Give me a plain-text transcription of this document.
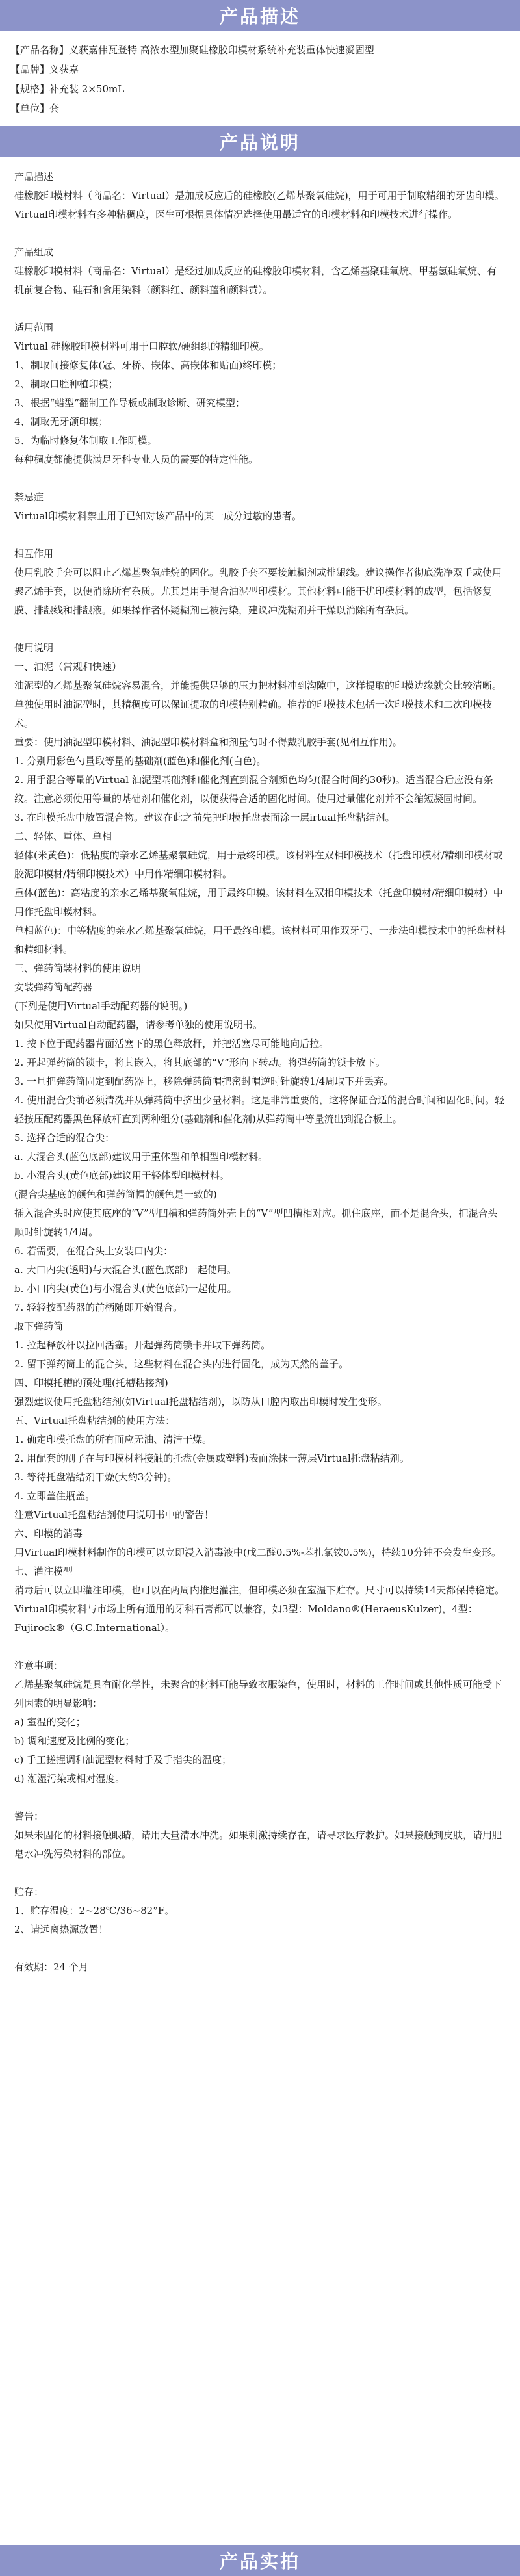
产品描述
【产品名称】义获嘉伟瓦登特 高浓水型加聚硅橡胶印模材系统补充装重体快速凝固型
【品牌】义获嘉
【规格】补充装 2×50mL
【单位】套
产品说明

产品描述

硅橡胶印模材料（商品名：Virtual）是加成反应后的硅橡胶(乙烯基聚氧硅烷)，用于可用于制取精细的牙齿印模。Virtual印模材料有多种粘稠度，医生可根据具体情况选择使用最适宜的印模材料和印模技术进行操作。

产品组成

硅橡胶印模材料（商品名：Virtual）是经过加成反应的硅橡胶印模材料，含乙烯基聚硅氧烷、甲基氢硅氧烷、有机前复合物、硅石和食用染料（颜料红、颜料蓝和颜料黄）。

适用范围

Virtual 硅橡胶印模材料可用于口腔软/硬组织的精细印模。

1、制取间接修复体(冠、牙桥、嵌体、高嵌体和贴面)终印模；

2、制取口腔种植印模；

3、根据“蜡型”翻制工作导板或制取诊断、研究模型；

4、制取无牙颌印模；

5、为临时修复体制取工作阴模。

每种稠度都能提供满足牙科专业人员的需要的特定性能。

禁忌症

Virtual印模材料禁止用于已知对该产品中的某一成分过敏的患者。

相互作用

使用乳胶手套可以阻止乙烯基聚氧硅烷的固化。乳胶手套不要接触糊剂或排龈线。建议操作者彻底洗净双手或使用聚乙烯手套，以便消除所有杂质。尤其是用手混合油泥型印模材。其他材料可能干扰印模材料的成型，包括修复膜、排龈线和排龈液。如果操作者怀疑糊剂已被污染，建议冲洗糊剂并干燥以消除所有杂质。

使用说明

一、油泥（常规和快速）

油泥型的乙烯基聚氧硅烷容易混合，并能提供足够的压力把材料冲到沟隙中，这样提取的印模边缘就会比较清晰。单独使用时油泥型时，其精稠度可以保证提取的印模特别精确。推荐的印模技术包括一次印模技术和二次印模技术。

重要：使用油泥型印模材料、油泥型印模材料盒和剂量勺时不得戴乳胶手套(见相互作用)。

1. 分别用彩色勺量取等量的基础剂(蓝色)和催化剂(白色)。

2. 用手混合等量的Virtual 油泥型基础剂和催化剂直到混合剂颜色均匀(混合时间约30秒)。适当混合后应没有条纹。注意必须使用等量的基础剂和催化剂，以便获得合适的固化时间。使用过量催化剂并不会缩短凝固时间。

3. 在印模托盘中放置混合物。建议在此之前先把印模托盘表面涂一层irtual托盘粘结剂。

二、轻体、重体、单相

轻体(米黄色)：低粘度的亲水乙烯基聚氧硅烷，用于最终印模。该材料在双相印模技术（托盘印模材/精细印模材或胶泥印模材/精细印模技术）中用作精细印模材料。

重体(蓝色)：高粘度的亲水乙烯基聚氧硅烷，用于最终印模。该材料在双相印模技术（托盘印模材/精细印模材）中用作托盘印模材料。

单相蓝色)：中等粘度的亲水乙烯基聚氧硅烷，用于最终印模。该材料可用作双牙弓、一步法印模技术中的托盘材料和精细材料。

三、弹药筒装材料的使用说明

安装弹药筒配药器

(下列是使用Virtual手动配药器的说明。)

如果使用Virtual自动配药器，请参考单独的使用说明书。

1. 按下位于配药器背面活塞下的黑色释放杆，并把活塞尽可能地向后拉。

2. 开起弹药筒的锁卡，将其嵌入，将其底部的“V”形向下转动。将弹药筒的锁卡放下。

3. 一旦把弹药筒固定到配药器上，移除弹药筒帽把密封帽逆时针旋转1/4周取下并丢弃。

4. 使用混合尖前必须清洗并从弹药筒中挤出少量材料。这是非常重要的，这将保证合适的混合时间和固化时间。轻轻按压配药器黑色释放杆直到两种组分(基础剂和催化剂)从弹药筒中等量流出到混合板上。

5. 选择合适的混合尖：

a. 大混合头(蓝色底部)建议用于重体型和单相型印模材料。

b. 小混合头(黄色底部)建议用于轻体型印模材料。

(混合尖基底的颜色和弹药筒帽的颜色是一致的)

插入混合头时应使其底座的“V”型凹槽和弹药筒外壳上的“V”型凹槽相对应。抓住底座，而不是混合头，把混合头顺时针旋转1/4周。

6. 若需要，在混合头上安装口内尖：

a. 大口内尖(透明)与大混合头(蓝色底部)一起使用。

b. 小口内尖(黄色)与小混合头(黄色底部)一起使用。

7. 轻轻按配药器的前柄随即开始混合。

取下弹药筒

1. 拉起释放杆以拉回活塞。开起弹药筒锁卡并取下弹药筒。

2. 留下弹药筒上的混合头，这些材料在混合头内进行固化，成为天然的盖子。

四、印模托槽的预处理(托槽粘接剂)

强烈建议使用托盘粘结剂(如Virtual托盘粘结剂)，以防从口腔内取出印模时发生变形。

五、Virtual托盘粘结剂的使用方法：

1. 确定印模托盘的所有面应无油、清洁干燥。

2. 用配套的刷子在与印模材料接触的托盘(金属或塑料)表面涂抹一薄层Virtual托盘粘结剂。

3. 等待托盘粘结剂干燥(大约3分钟)。

4. 立即盖住瓶盖。

注意Virtual托盘粘结剂使用说明书中的警告！

六、印模的消毒

用Virtual印模材料制作的印模可以立即浸入消毒液中(戊二醛0.5%-苯扎氯铵0.5%)，持续10分钟不会发生变形。

七、灌注模型

消毒后可以立即灌注印模，也可以在两周内推迟灌注，但印模必须在室温下贮存。尺寸可以持续14天都保持稳定。Virtual印模材料与市场上所有通用的牙科石膏都可以兼容，如3型：Moldano®(HeraeusKulzer)，4型：Fujirock®（G.C.International）。

注意事项：

乙烯基聚氧硅烷是具有耐化学性，未聚合的材料可能导致衣服染色，使用时，材料的工作时间或其他性质可能受下列因素的明显影响：

a) 室温的变化；

b) 调和速度及比例的变化；

c) 手工搓捏调和油泥型材料时手及手指尖的温度；

d) 潮湿污染或相对湿度。

警告：

如果未固化的材料接触眼睛，请用大量清水冲洗。如果刺激持续存在，请寻求医疗救护。如果接触到皮肤，请用肥皂水冲洗污染材料的部位。

贮存：

1、贮存温度：2~28℃/36~82°F。

2、请远离热源放置！

有效期：24 个月

产品实拍
